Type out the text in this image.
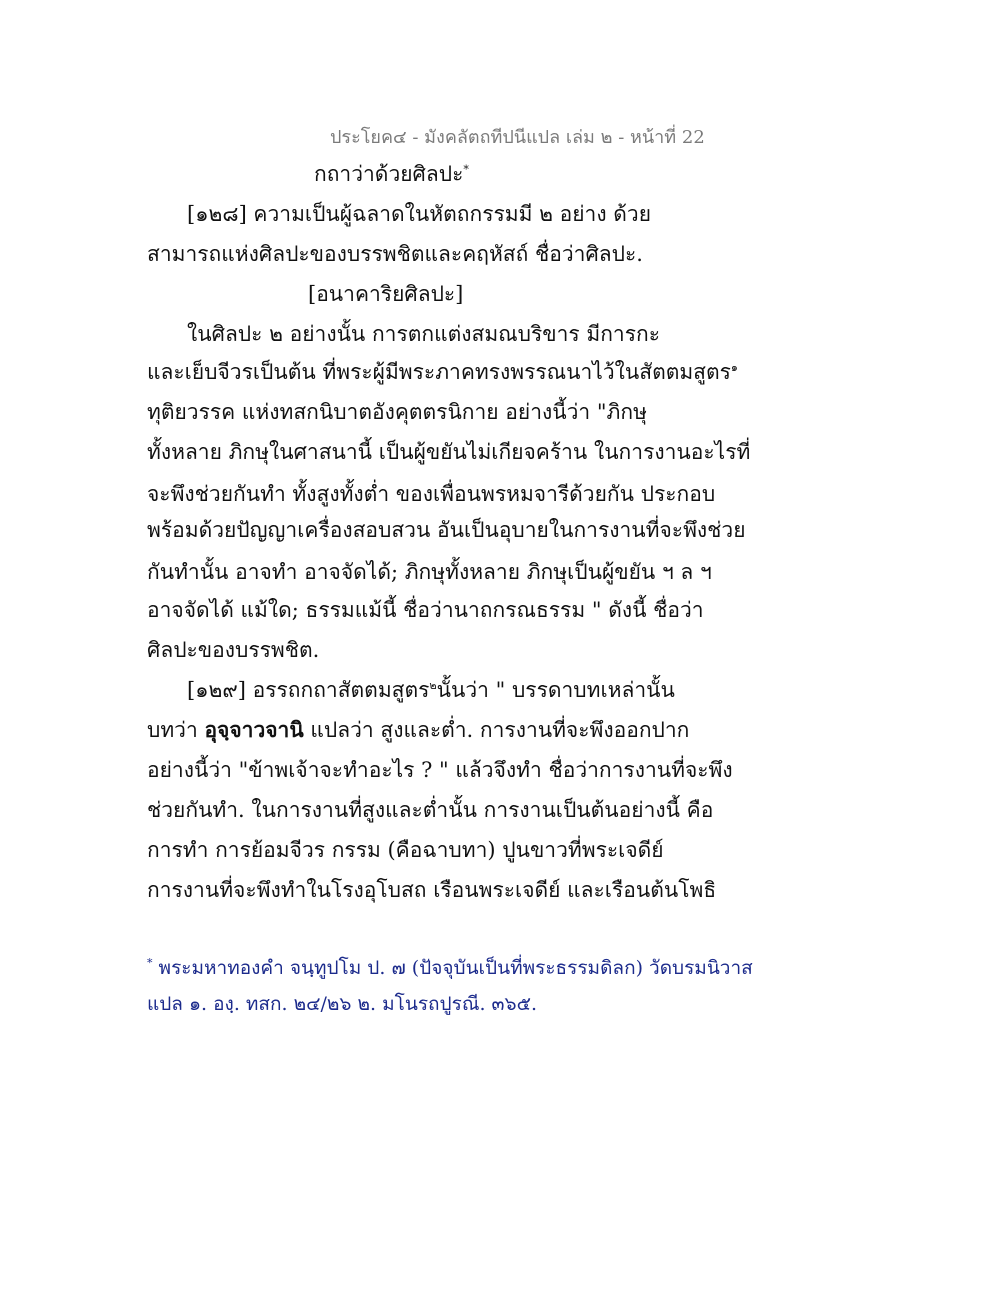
ประโยค๔ - มังคลัตถทีปนีแปล เล่ม ๒ - หน้าที่ 22
กถาว่าด้วยศิลปะ*
[๑๒๘] ความเป็นผู้ฉลาดในหัตถกรรมมี ๒ อย่าง ด้วย
สามารถแห่งศิลปะของบรรพชิตและคฤหัสถ์ ชื่อว่าศิลปะ.
[อนาคาริยศิลปะ]
ในศิลปะ ๒ อย่างนั้น การตกแต่งสมณบริขาร มีการกะ
และเย็บจีวรเป็นต้น ที่พระผู้มีพระภาคทรงพรรณนาไว้ในสัตตมสูตร$^๑$
ทุติยวรรค แห่งทสกนิบาตอังคุตตรนิกาย อย่างนี้ว่า "ภิกษุ
ทั้งหลาย ภิกษุในศาสนานี้ เป็นผู้ขยันไม่เกียจคร้าน ในการงานอะไรที่
จะพึงช่วยกันทำ ทั้งสูงทั้งต่ำ ของเพื่อนพรหมจารีด้วยกัน ประกอบ
พร้อมด้วยปัญญาเครื่องสอบสวน อันเป็นอุบายในการงานที่จะพึงช่วย
กันทำนั้น อาจทำ อาจจัดได้; ภิกษุทั้งหลาย ภิกษุเป็นผู้ขยัน ฯ ล ฯ
อาจจัดได้ แม้ใด; ธรรมแม้นี้ ชื่อว่านาถกรณธรรม " ดังนี้ ชื่อว่า
ศิลปะของบรรพชิต.
[๑๒๙] อรรถกถาสัตตมสูตร$^๒$นั้นว่า " บรรดาบทเหล่านั้น
บทว่า อุจฺจาวจานิ แปลว่า สูงและต่ำ. การงานที่จะพึงออกปาก
อย่างนี้ว่า "ข้าพเจ้าจะทำอะไร ? " แล้วจึงทำ ชื่อว่าการงานที่จะพึง
ช่วยกันทำ. ในการงานที่สูงและต่ำนั้น การงานเป็นต้นอย่างนี้ คือ
การทำ การย้อมจีวร กรรม (คือฉาบทา) ปูนขาวที่พระเจดีย์
การงานที่จะพึงทำในโรงอุโบสถ เรือนพระเจดีย์ และเรือนต้นโพธิ
* พระมหาทองคำ จนฺทูปโม ป. ๗ (ปัจจุบันเป็นที่พระธรรมดิลก) วัดบรมนิวาส
แปล ๑. องฺ. ทสก. ๒๔/๒๖ ๒. มโนรถปูรณี. ๓๖๕.
